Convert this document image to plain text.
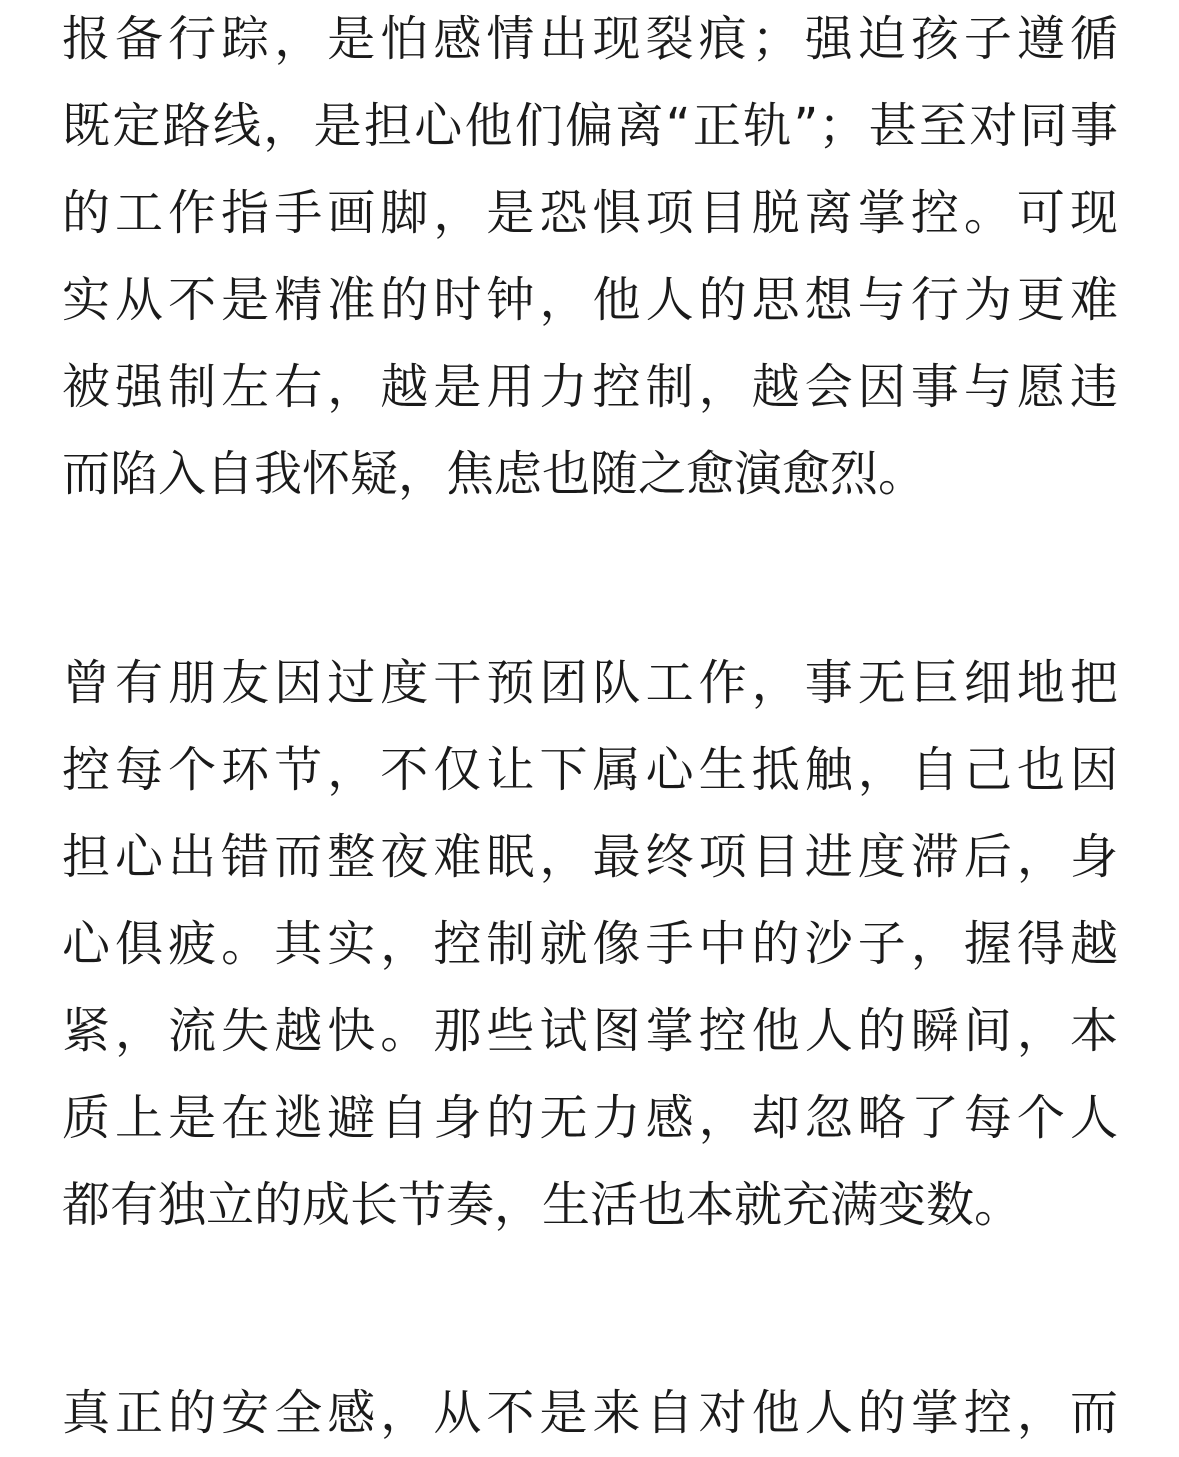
报备行踪，是怕感情出现裂痕；强迫孩子遵循
既定路线，是担心他们偏离“正轨”；甚至对同事
的工作指手画脚，是恐惧项目脱离掌控。可现
实从不是精准的时钟，他人的思想与行为更难
被强制左右，越是用力控制，越会因事与愿违
而陷入自我怀疑，焦虑也随之愈演愈烈。
曾有朋友因过度干预团队工作，事无巨细地把
控每个环节，不仅让下属心生抵触，自己也因
担心出错而整夜难眠，最终项目进度滞后，身
心俱疲。其实，控制就像手中的沙子，握得越
紧，流失越快。那些试图掌控他人的瞬间，本
质上是在逃避自身的无力感，却忽略了每个人
都有独立的成长节奏，生活也本就充满变数。
真正的安全感，从不是来自对他人的掌控，而
